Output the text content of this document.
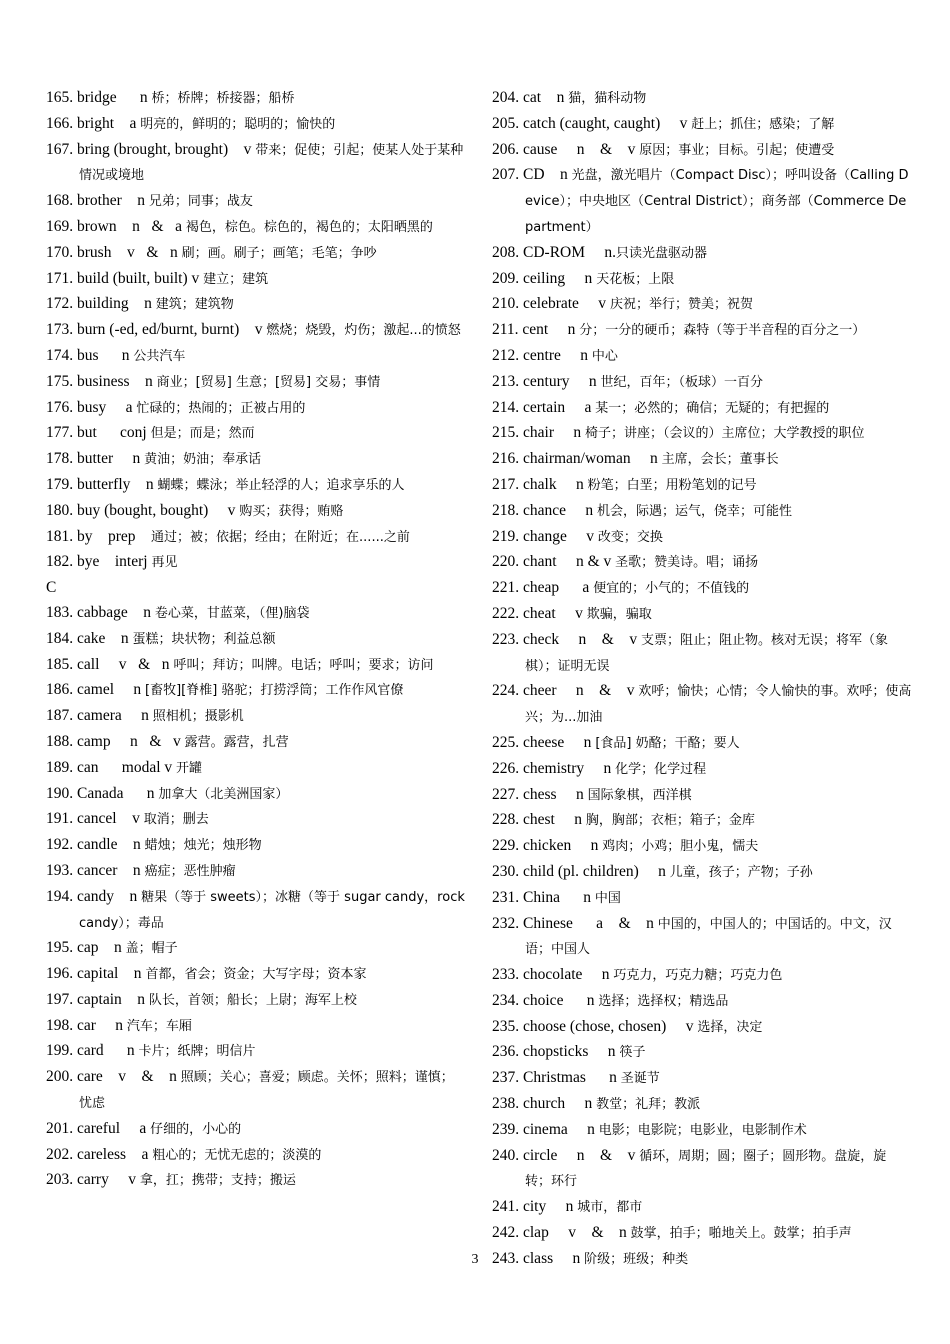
165. bridge      n 桥；桥牌；桥接器；船桥
166. bright    a 明亮的，鲜明的；聪明的；愉快的
167. bring (brought, brought)    v 带来；促使；引起；使某人处于某种情况或境地
168. brother    n 兄弟；同事；战友
169. brown    n   &   a 褐色，棕色。棕色的，褐色的；太阳晒黑的
170. brush    v   &   n 刷；画。刷子；画笔；毛笔；争吵
171. build (built, built) v 建立；建筑
172. building    n 建筑；建筑物
173. burn (-ed, ed/burnt, burnt)    v 燃烧；烧毁，灼伤；激起...的愤怒
174. bus      n 公共汽车
175. business    n 商业；[贸易] 生意；[贸易] 交易；事情
176. busy     a 忙碌的；热闹的；正被占用的
177. but      conj 但是；而是；然而
178. butter     n 黄油；奶油；奉承话
179. butterfly    n 蝴蝶；蝶泳；举止轻浮的人；追求享乐的人
180. buy (bought, bought)     v 购买；获得；贿赂
181. by    prep    通过；被；依据；经由；在附近；在......之前
182. bye    interj 再见
C
183. cabbage    n 卷心菜，甘蓝菜，（俚)脑袋
184. cake    n 蛋糕；块状物；利益总额
185. call     v   &   n 呼叫；拜访；叫牌。电话；呼叫；要求；访问
186. camel     n [畜牧][脊椎] 骆驼；打捞浮筒；工作作风官僚
187. camera     n 照相机；摄影机
188. camp     n   &   v 露营。露营，扎营
189. can      modal v 开罐
190. Canada      n 加拿大（北美洲国家）
191. cancel    v 取消；删去
192. candle    n 蜡烛；烛光；烛形物
193. cancer    n 癌症；恶性肿瘤
194. candy    n 糖果（等于 sweets）；冰糖（等于 sugar candy，rock candy）；毒品
195. cap    n 盖；帽子
196. capital    n 首都，省会；资金；大写字母；资本家
197. captain    n 队长，首领；船长；上尉；海军上校
198. car     n 汽车；车厢
199. card      n 卡片；纸牌；明信片
200. care    v    &    n 照顾；关心；喜爱；顾虑。关怀；照料；谨慎；忧虑
201. careful     a 仔细的，小心的
202. careless    a 粗心的；无忧无虑的；淡漠的
203. carry     v 拿，扛；携带；支持；搬运
204. cat    n 猫，猫科动物
205. catch (caught, caught)     v 赶上；抓住；感染；了解
206. cause     n    &    v 原因；事业；目标。引起；使遭受
207. CD    n 光盘，激光唱片（Compact Disc）；呼叫设备（Calling Device）；中央地区（Central District）；商务部（Commerce Department）
208. CD-ROM     n.只读光盘驱动器
209. ceiling     n 天花板；上限
210. celebrate     v 庆祝；举行；赞美；祝贺
211. cent     n 分；一分的硬币；森特（等于半音程的百分之一）
212. centre     n 中心
213. century     n 世纪，百年；（板球）一百分
214. certain     a 某一；必然的；确信；无疑的；有把握的
215. chair     n 椅子；讲座；（会议的）主席位；大学教授的职位
216. chairman/woman     n 主席，会长；董事长
217. chalk     n 粉笔；白垩；用粉笔划的记号
218. chance     n 机会，际遇；运气，侥幸；可能性
219. change     v 改变；交换
220. chant     n & v 圣歌；赞美诗。唱；诵扬
221. cheap      a 便宜的；小气的；不值钱的
222. cheat     v 欺骗，骗取
223. check     n    &    v 支票；阻止；阻止物。核对无误；将军（象棋）；证明无误
224. cheer     n    &    v 欢呼；愉快；心情；令人愉快的事。欢呼；使高兴；为...加油
225. cheese     n [食品] 奶酪；干酪；要人
226. chemistry     n 化学；化学过程
227. chess     n 国际象棋，西洋棋
228. chest     n 胸，胸部；衣柜；箱子；金库
229. chicken     n 鸡肉；小鸡；胆小鬼，懦夫
230. child (pl. children)     n 儿童，孩子；产物；子孙
231. China      n 中国
232. Chinese      a    &    n 中国的，中国人的；中国话的。中文，汉语；中国人
233. chocolate     n 巧克力，巧克力糖；巧克力色
234. choice      n 选择；选择权；精选品
235. choose (chose, chosen)     v 选择，决定
236. chopsticks     n 筷子
237. Christmas      n 圣诞节
238. church     n 教堂；礼拜；教派
239. cinema     n 电影；电影院；电影业，电影制作术
240. circle     n    &    v 循环，周期；圆；圈子；圆形物。盘旋，旋转；环行
241. city     n 城市，都市
242. clap     v    &    n 鼓掌，拍手；啪地关上。鼓掌；拍手声
243. class     n 阶级；班级；种类
3
